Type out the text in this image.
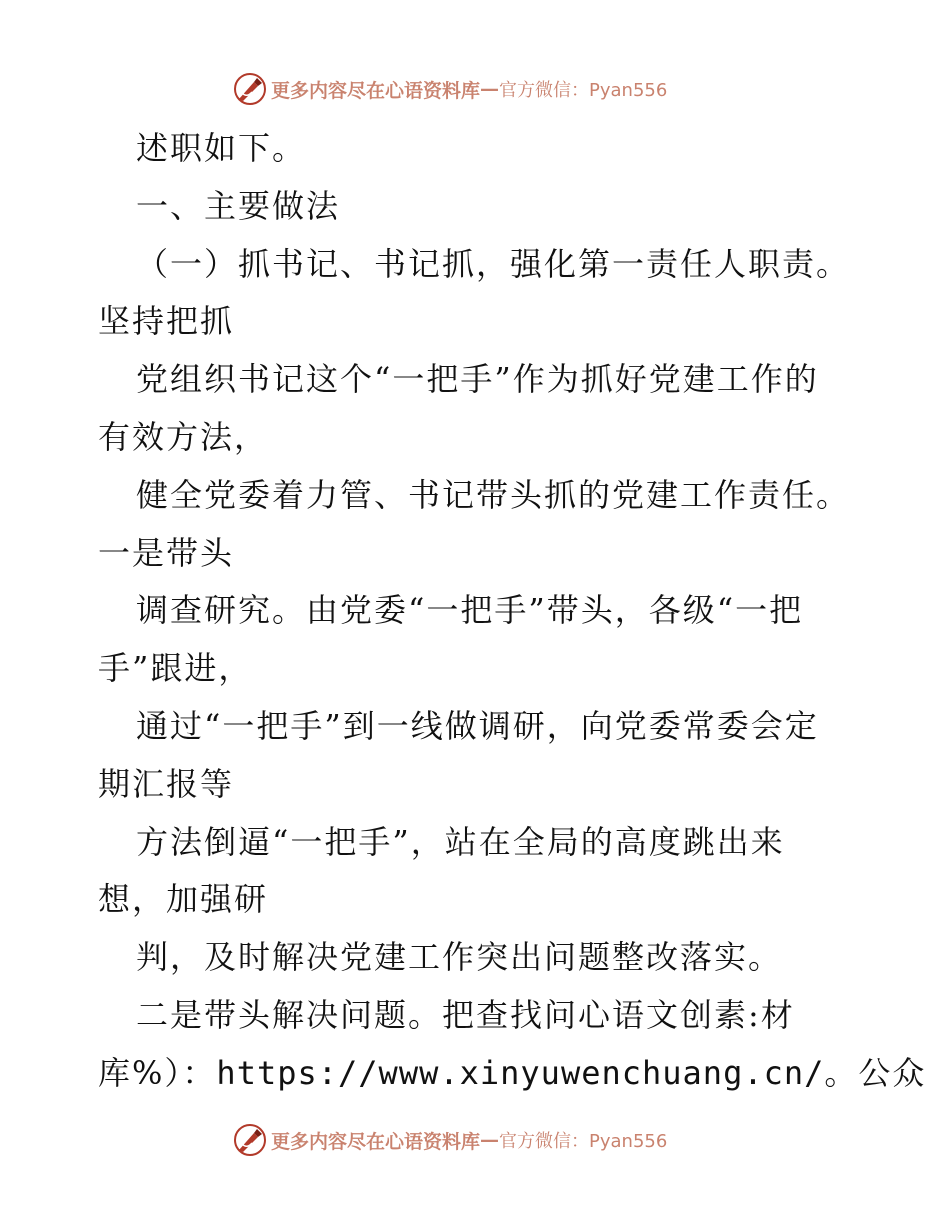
更多内容尽在心语资料库 — 官方微信：Pyan556
述职如下。
一、主要做法
（一）抓书记、书记抓，强化第一责任人职责。
坚持把抓
党组织书记这个“一把手”作为抓好党建工作的
有效方法，
健全党委着力管、书记带头抓的党建工作责任。
一是带头
调查研究。由党委“一把手”带头，各级“一把
手”跟进，
通过“一把手”到一线做调研，向党委常委会定
期汇报等
方法倒逼“一把手”，站在全局的高度跳出来
想，加强研
判，及时解决党建工作突出问题整改落实。
二是带头解决问题。把查找问心语文创素:材
库%）：https://www.xinyuwenchuang.cn/。公众
更多内容尽在心语资料库 — 官方微信：Pyan556
